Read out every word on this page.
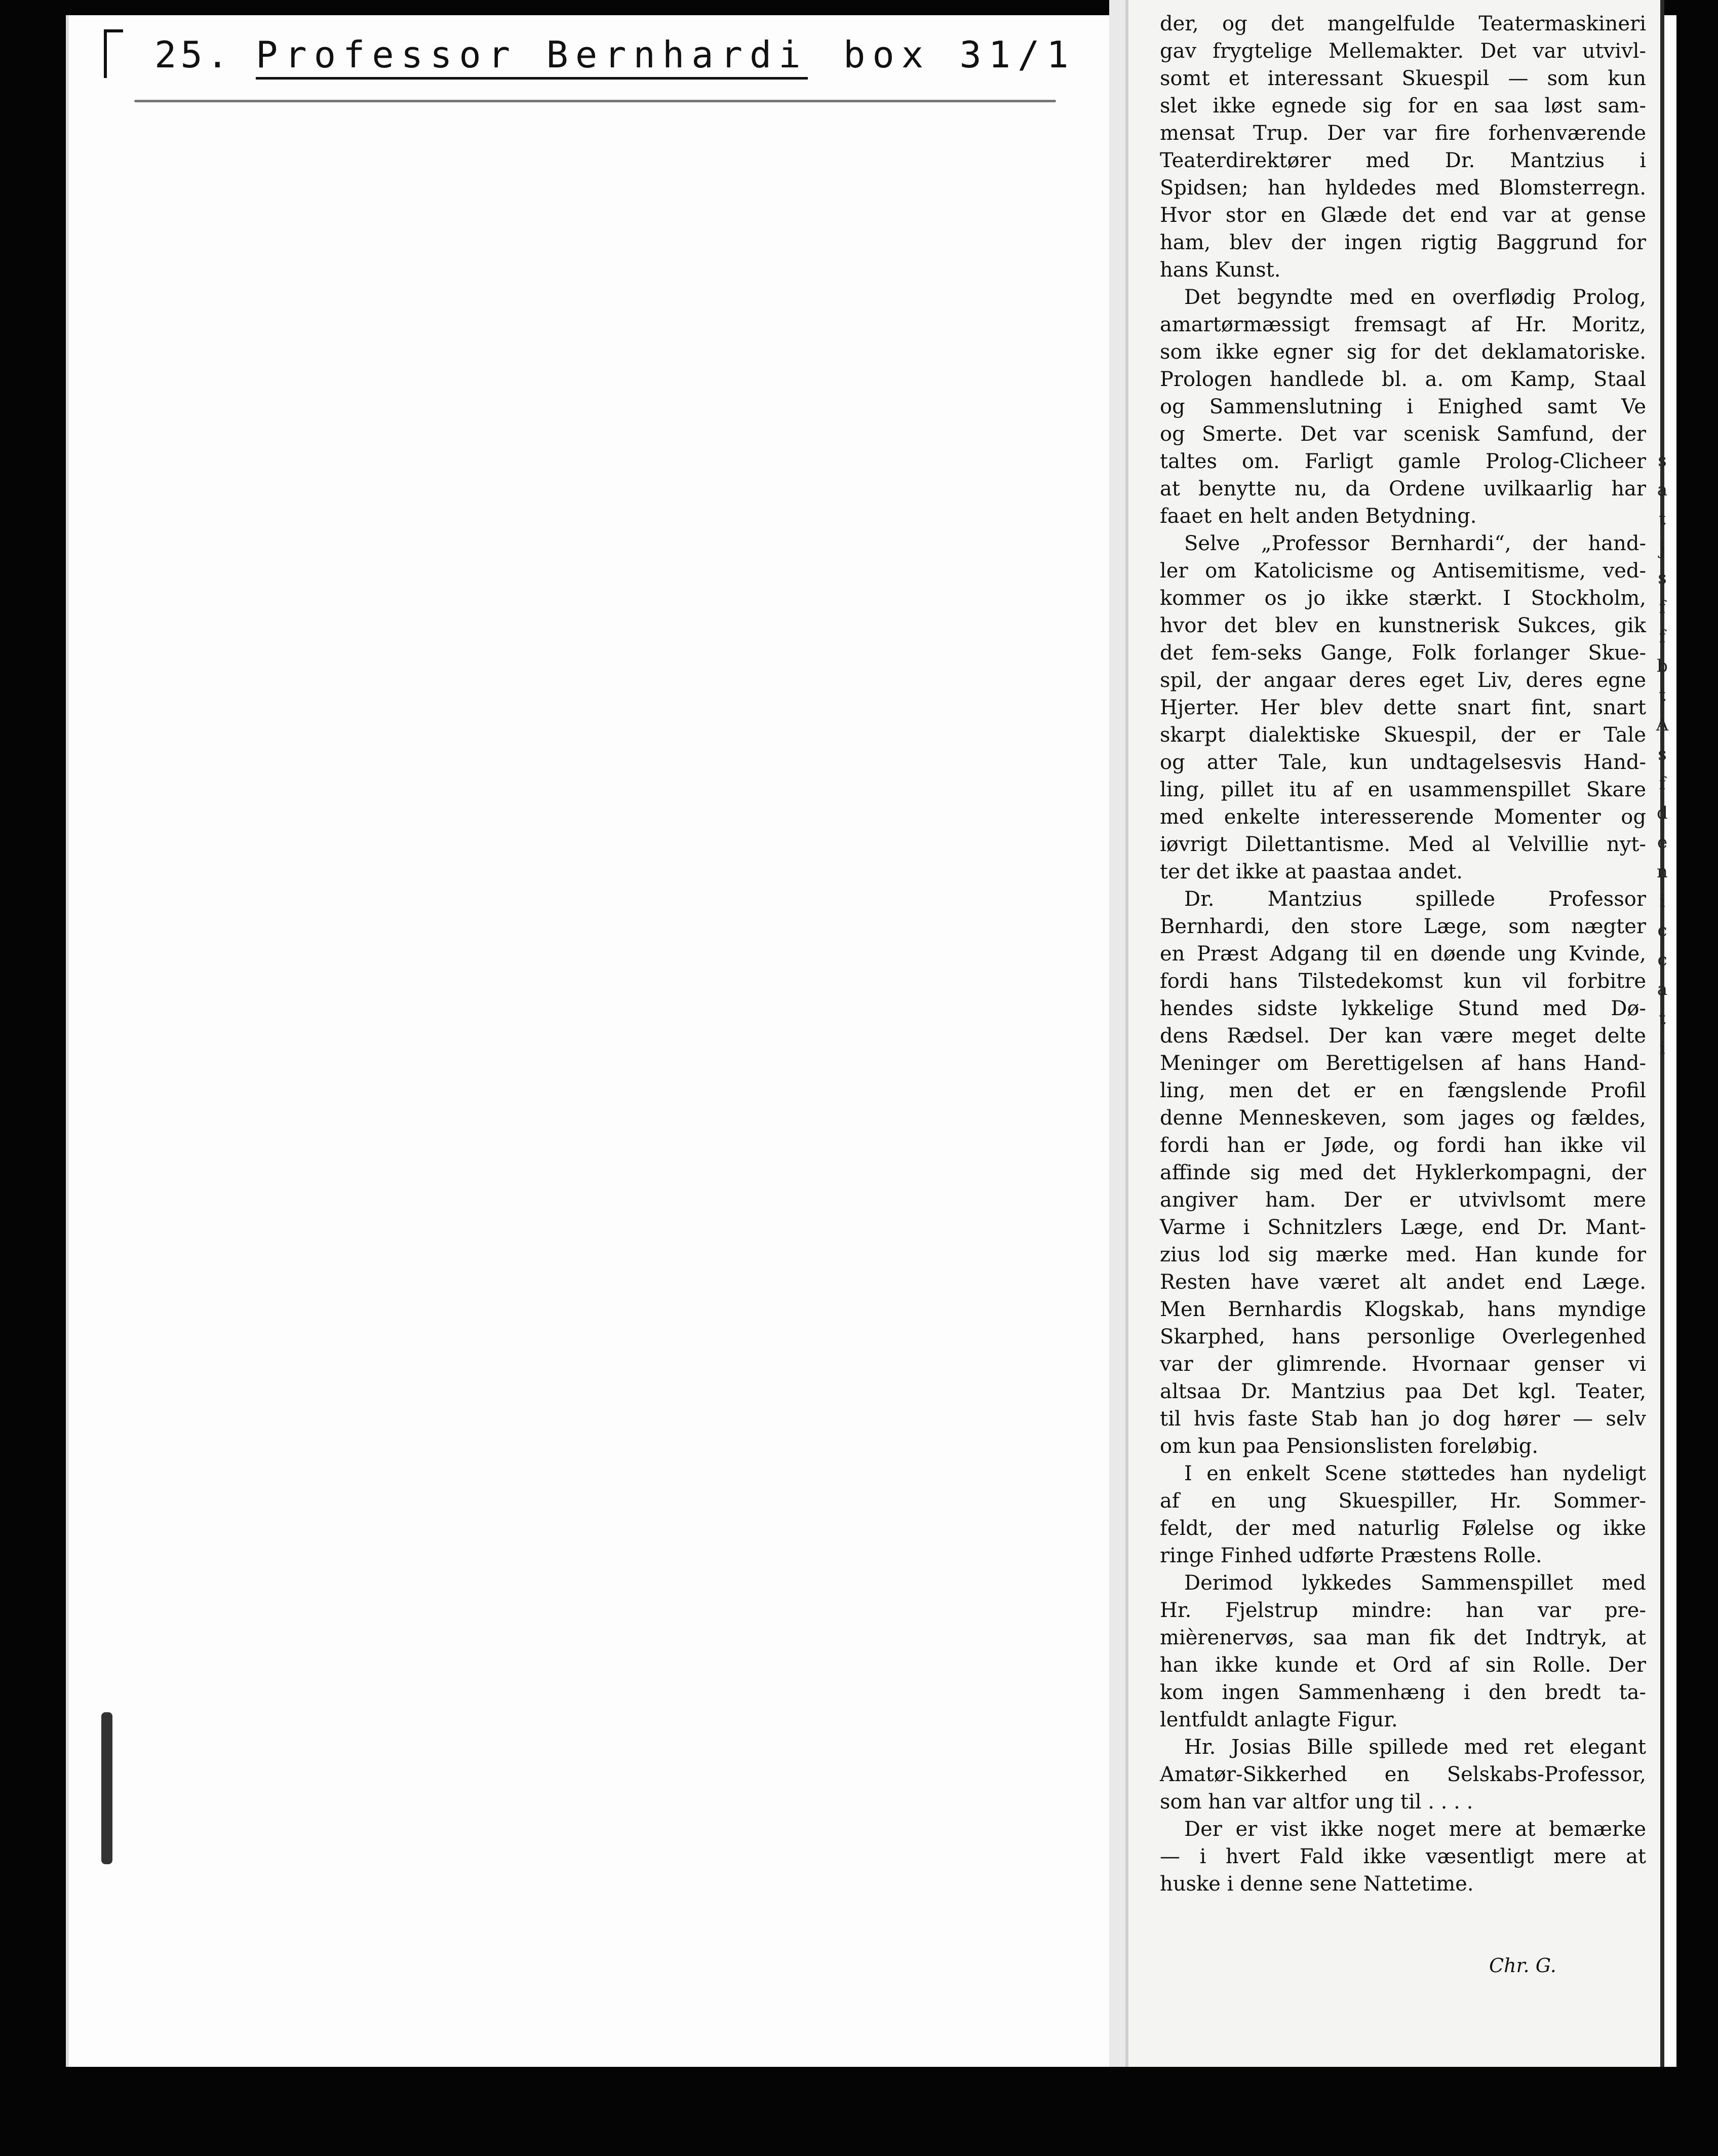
25. Professor Bernhardi box 31/1
der, og det mangelfulde Teatermaskineri
gav frygtelige Mellemakter. Det var utvivl-
somt et interessant Skuespil — som kun
slet ikke egnede sig for en saa løst sam-
mensat Trup. Der var fire forhenværende
Teaterdirektører med Dr. Mantzius i
Spidsen; han hyldedes med Blomsterregn.
Hvor stor en Glæde det end var at gense
ham, blev der ingen rigtig Baggrund for
hans Kunst.
Det begyndte med en overflødig Prolog,
amartørmæssigt fremsagt af Hr. Moritz,
som ikke egner sig for det deklamatoriske.
Prologen handlede bl. a. om Kamp, Staal
og Sammenslutning i Enighed samt Ve
og Smerte. Det var scenisk Samfund, der
taltes om. Farligt gamle Prolog-Clicheer
at benytte nu, da Ordene uvilkaarlig har
faaet en helt anden Betydning.
Selve „Professor Bernhardi“, der hand-
ler om Katolicisme og Antisemitisme, ved-
kommer os jo ikke stærkt. I Stockholm,
hvor det blev en kunstnerisk Sukces, gik
det fem-seks Gange, Folk forlanger Skue-
spil, der angaar deres eget Liv, deres egne
Hjerter. Her blev dette snart fint, snart
skarpt dialektiske Skuespil, der er Tale
og atter Tale, kun undtagelsesvis Hand-
ling, pillet itu af en usammenspillet Skare
med enkelte interesserende Momenter og
iøvrigt Dilettantisme. Med al Velvillie nyt-
ter det ikke at paastaa andet.
Dr. Mantzius spillede Professor
Bernhardi, den store Læge, som nægter
en Præst Adgang til en døende ung Kvinde,
fordi hans Tilstedekomst kun vil forbitre
hendes sidste lykkelige Stund med Dø-
dens Rædsel. Der kan være meget delte
Meninger om Berettigelsen af hans Hand-
ling, men det er en fængslende Profil
denne Menneskeven, som jages og fældes,
fordi han er Jøde, og fordi han ikke vil
affinde sig med det Hyklerkompagni, der
angiver ham. Der er utvivlsomt mere
Varme i Schnitzlers Læge, end Dr. Mant-
zius lod sig mærke med. Han kunde for
Resten have været alt andet end Læge.
Men Bernhardis Klogskab, hans myndige
Skarphed, hans personlige Overlegenhed
var der glimrende. Hvornaar genser vi
altsaa Dr. Mantzius paa Det kgl. Teater,
til hvis faste Stab han jo dog hører — selv
om kun paa Pensionslisten foreløbig.
I en enkelt Scene støttedes han nydeligt
af en ung Skuespiller, Hr. Sommer-
feldt, der med naturlig Følelse og ikke
ringe Finhed udførte Præstens Rolle.
Derimod lykkedes Sammenspillet med
Hr. Fjelstrup mindre: han var pre-
mièrenervøs, saa man fik det Indtryk, at
han ikke kunde et Ord af sin Rolle. Der
kom ingen Sammenhæng i den bredt ta-
lentfuldt anlagte Figur.
Hr. Josias Bille spillede med ret elegant
Amatør-Sikkerhed en Selskabs-Professor,
som han var altfor ung til . . . .
Der er vist ikke noget mere at bemærke
— i hvert Fald ikke væsentligt mere at
huske i denne sene Nattetime.
Chr. G.
s
a
t
j
s
f
f
b
t
A
s
f
d
e
n
i
c
c
a
t
i
